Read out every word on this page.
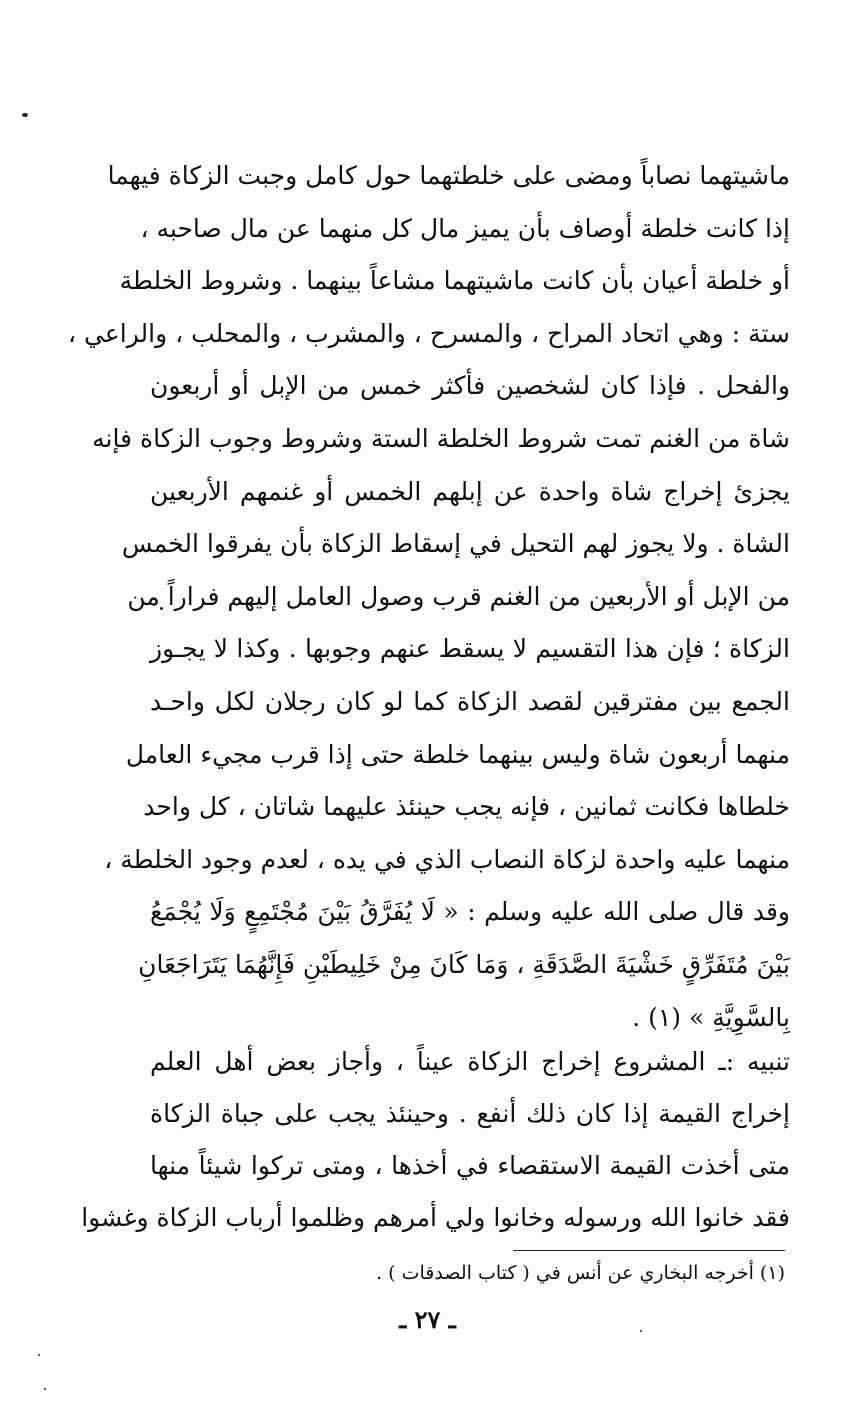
ماشيتهما نصاباً ومضى على خلطتهما حول كامل وجبت الزكاة فيهما
إذا كانت خلطة أوصاف بأن يميز مال كل منهما عن مال صاحبه ،
أو خلطة أعيان بأن كانت ماشيتهما مشاعاً بينهما . وشروط الخلطة
ستة : وهي اتحاد المراح ، والمسرح ، والمشرب ، والمحلب ، والراعي ،
والفحل . فإذا كان لشخصين فأكثر خمس من الإبل أو أربعون
شاة من الغنم تمت شروط الخلطة الستة وشروط وجوب الزكاة فإنه
يجزئ إخراج شاة واحدة عن إبلهم الخمس أو غنمهم الأربعين
الشاة . ولا يجوز لهم التحيل في إسقاط الزكاة بأن يفرقوا الخمس
من الإبل أو الأربعين من الغنم قرب وصول العامل إليهم فراراً من
الزكاة ؛ فإن هذا التقسيم لا يسقط عنهم وجوبها . وكذا لا يجـوز
الجمع بين مفترقين لقصد الزكاة كما لو كان رجلان لكل واحـد
منهما أربعون شاة وليس بينهما خلطة حتى إذا قرب مجيء العامل
خلطاها فكانت ثمانين ، فإنه يجب حينئذ عليهما شاتان ، كل واحد
منهما عليه واحدة لزكاة النصاب الذي في يده ، لعدم وجود الخلطة ،
وقد قال صلى الله عليه وسلم : « لَا يُفَرَّقُ بَيْنَ مُجْتَمِعٍ وَلَا يُجْمَعُ
بَيْنَ مُتَفَرِّقٍ خَشْيَةَ الصَّدَقَةِ ، وَمَا كَانَ مِنْ خَلِيطَيْنِ فَإِنَّهُمَا يَتَرَاجَعَانِ
بِالسَّوِيَّةِ » (١) .
تنبيه :ـ المشروع إخراج الزكاة عيناً ، وأجاز بعض أهل العلم
إخراج القيمة إذا كان ذلك أنفع . وحينئذ يجب على جباة الزكاة
متى أخذت القيمة الاستقصاء في أخذها ، ومتى تركوا شيئاً منها
فقد خانوا الله ورسوله وخانوا ولي أمرهم وظلموا أرباب الزكاة وغشوا
(١) أخرجه البخاري عن أنس في ( كتاب الصدقات ) .
ـ ٢٧ ـ
